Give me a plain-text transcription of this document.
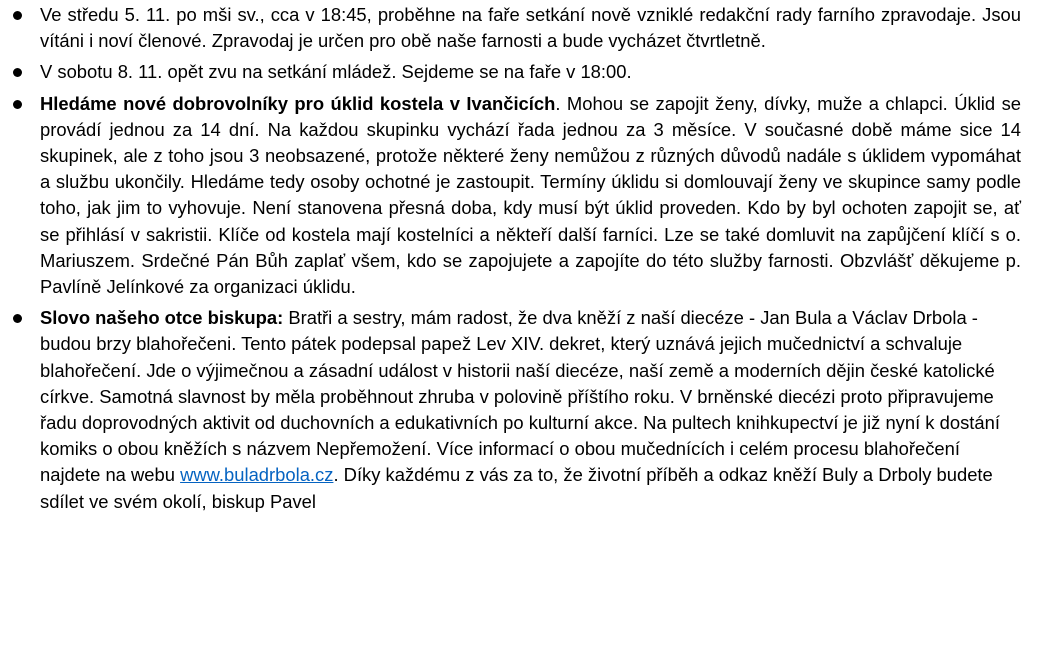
Ve středu 5. 11. po mši sv., cca v 18:45, proběhne na faře setkání nově vzniklé redakční rady farního zpravodaje. Jsou vítáni i noví členové. Zpravodaj je určen pro obě naše farnosti a bude vycházet čtvrtletně.
V sobotu 8. 11. opět zvu na setkání mládež. Sejdeme se na faře v 18:00.
Hledáme nové dobrovolníky pro úklid kostela v Ivančicích. Mohou se zapojit ženy, dívky, muže a chlapci. Úklid se provádí jednou za 14 dní. Na každou skupinku vychází řada jednou za 3 měsíce. V současné době máme sice 14 skupinek, ale z toho jsou 3 neobsazené, protože některé ženy nemůžou z různých důvodů nadále s úklidem vypomáhat a službu ukončily. Hledáme tedy osoby ochotné je zastoupit. Termíny úklidu si domlouvají ženy ve skupince samy podle toho, jak jim to vyhovuje. Není stanovena přesná doba, kdy musí být úklid proveden. Kdo by byl ochoten zapojit se, ať se přihlásí v sakristii. Klíče od kostela mají kostelníci a někteří další farníci. Lze se také domluvit na zapůjčení klíčí s o. Mariuszem. Srdečné Pán Bůh zaplať všem, kdo se zapojujete a zapojíte do této služby farnosti. Obzvlášť děkujeme p. Pavlíně Jelínkové za organizaci úklidu.
Slovo našeho otce biskupa: Bratři a sestry, mám radost, že dva kněží z naší diecéze - Jan Bula a Václav Drbola - budou brzy blahořečeni. Tento pátek podepsal papež Lev XIV. dekret, který uznává jejich mučednictví a schvaluje blahořečení. Jde o výjimečnou a zásadní událost v historii naší diecéze, naší země a moderních dějin české katolické církve. Samotná slavnost by měla proběhnout zhruba v polovině příštího roku. V brněnské diecézi proto připravujeme řadu doprovodných aktivit od duchovních a edukativních po kulturní akce. Na pultech knihkupectví je již nyní k dostání komiks o obou kněžích s názvem Nepřemožení. Více informací o obou mučednících i celém procesu blahořečení najdete na webu www.buladrbola.cz. Díky každému z vás za to, že životní příběh a odkaz kněží Buly a Drboly budete sdílet ve svém okolí, biskup Pavel
